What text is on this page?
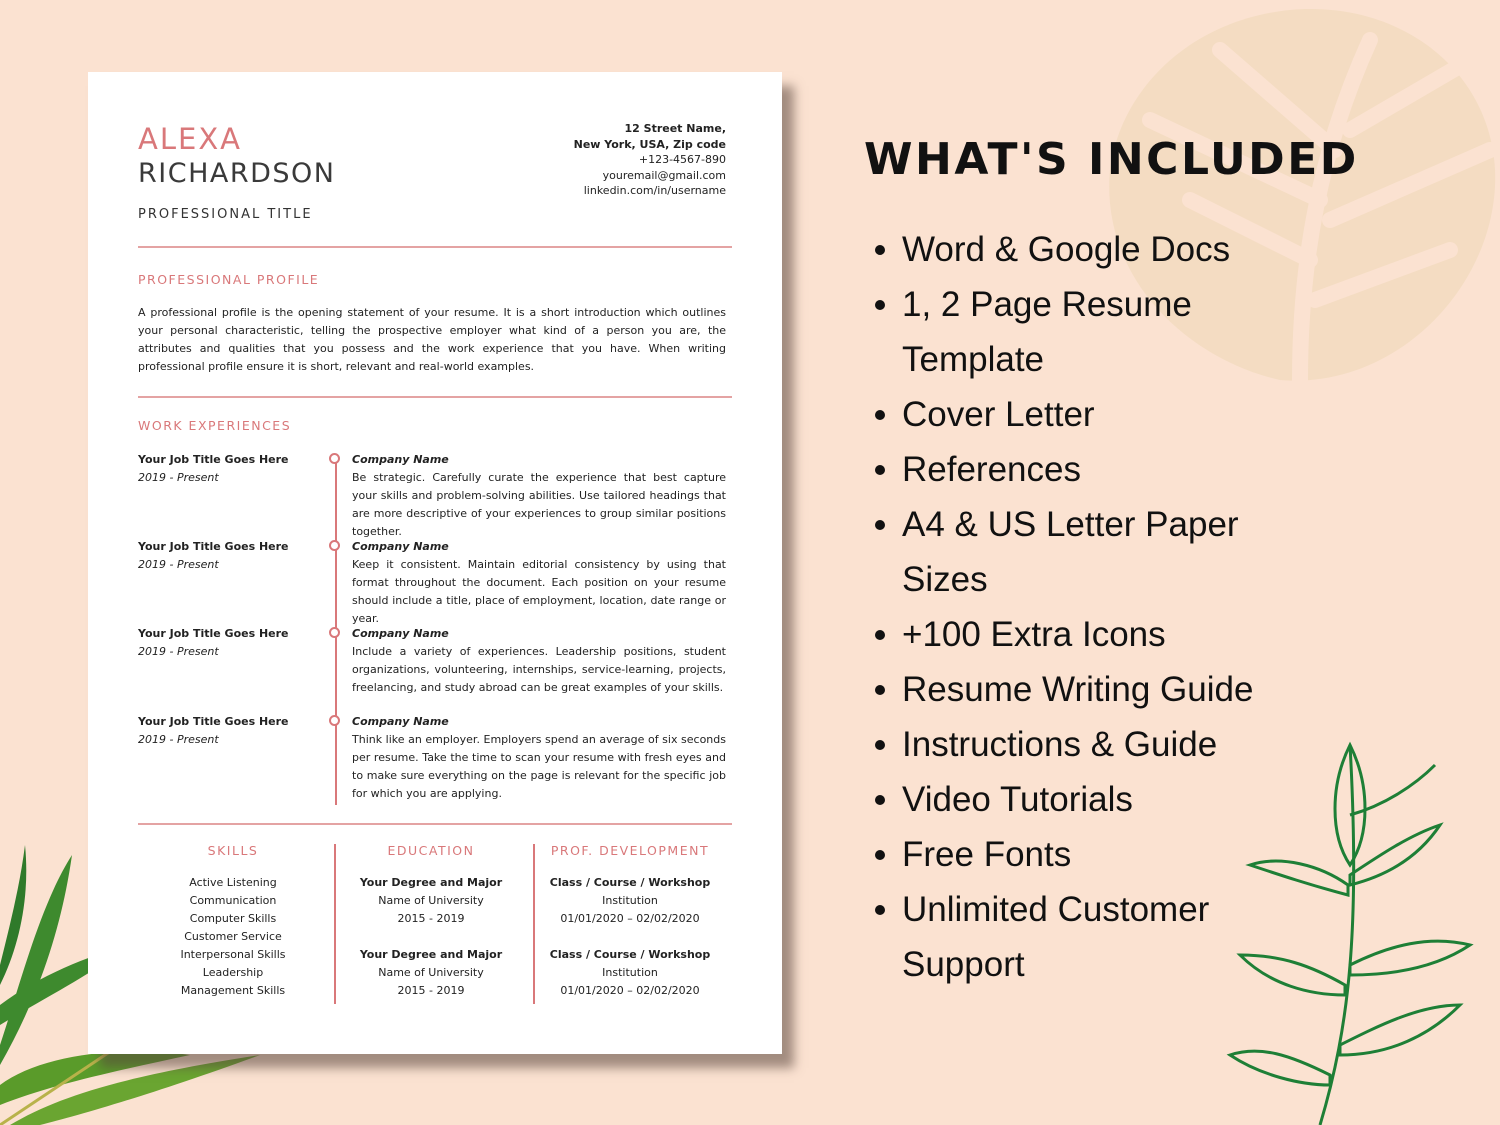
ALEXA
RICHARDSON
PROFESSIONAL TITLE
12 Street Name,
New York, USA, Zip code
+123-4567-890
youremail@gmail.com
linkedin.com/in/username
PROFESSIONAL PROFILE
A professional profile is the opening statement of your resume. It is a short introduction which outlines your personal characteristic, telling the prospective employer what kind of a person you are, the attributes and qualities that you possess and the work experience that you have. When writing professional profile ensure it is short, relevant and real-world examples.
WORK EXPERIENCES
Your Job Title Goes Here
2019 - Present
Company Name
Be strategic. Carefully curate the experience that best capture your skills and problem-solving abilities. Use tailored headings that are more descriptive of your experiences to group similar positions together.
Your Job Title Goes Here
2019 - Present
Company Name
Keep it consistent. Maintain editorial consistency by using that format throughout the document. Each position on your resume should include a title, place of employment, location, date range or year.
Your Job Title Goes Here
2019 - Present
Company Name
Include a variety of experiences. Leadership positions, student organizations, volunteering, internships, service-learning, projects, freelancing, and study abroad can be great examples of your skills.
Your Job Title Goes Here
2019 - Present
Company Name
Think like an employer. Employers spend an average of six seconds per resume. Take the time to scan your resume with fresh eyes and to make sure everything on the page is relevant for the specific job for which you are applying.
SKILLS
Active Listening
Communication
Computer Skills
Customer Service
Interpersonal Skills
Leadership
Management Skills
EDUCATION
Your Degree and Major
Name of University
2015 - 2019
Your Degree and Major
Name of University
2015 - 2019
PROF. DEVELOPMENT
Class / Course / Workshop
Institution
01/01/2020 – 02/02/2020
Class / Course / Workshop
Institution
01/01/2020 – 02/02/2020
WHAT'S INCLUDED
Word & Google Docs
1, 2 Page Resume Template
Cover Letter
References
A4 & US Letter Paper Sizes
+100 Extra Icons
Resume Writing Guide
Instructions & Guide
Video Tutorials
Free Fonts
Unlimited Customer Support
